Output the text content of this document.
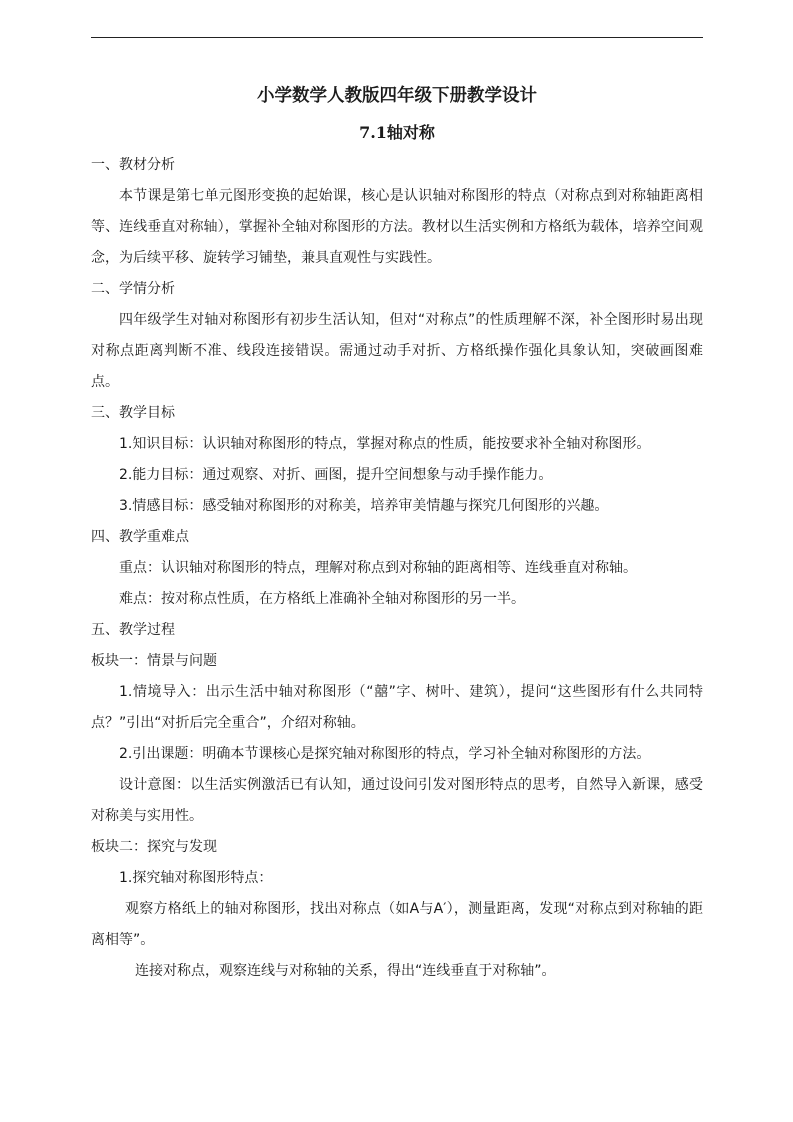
小学数学人教版四年级下册教学设计

7.1轴对称

一、教材分析

本节课是第七单元图形变换的起始课，核心是认识轴对称图形的特点（对称点到对称轴距离相等、连线垂直对称轴），掌握补全轴对称图形的方法。教材以生活实例和方格纸为载体，培养空间观念，为后续平移、旋转学习铺垫，兼具直观性与实践性。

二、学情分析

四年级学生对轴对称图形有初步生活认知，但对“对称点”的性质理解不深，补全图形时易出现对称点距离判断不准、线段连接错误。需通过动手对折、方格纸操作强化具象认知，突破画图难点。

三、教学目标

1.知识目标：认识轴对称图形的特点，掌握对称点的性质，能按要求补全轴对称图形。

2.能力目标：通过观察、对折、画图，提升空间想象与动手操作能力。

3.情感目标：感受轴对称图形的对称美，培养审美情趣与探究几何图形的兴趣。

四、教学重难点

重点：认识轴对称图形的特点，理解对称点到对称轴的距离相等、连线垂直对称轴。

难点：按对称点性质，在方格纸上准确补全轴对称图形的另一半。

五、教学过程

板块一：情景与问题

1.情境导入：出示生活中轴对称图形（“囍”字、树叶、建筑），提问“这些图形有什么共同特点？”引出“对折后完全重合”，介绍对称轴。

2.引出课题：明确本节课核心是探究轴对称图形的特点，学习补全轴对称图形的方法。

设计意图：以生活实例激活已有认知，通过设问引发对图形特点的思考，自然导入新课，感受对称美与实用性。

板块二：探究与发现

1.探究轴对称图形特点：

观察方格纸上的轴对称图形，找出对称点（如A与A′），测量距离，发现“对称点到对称轴的距离相等”。

连接对称点，观察连线与对称轴的关系，得出“连线垂直于对称轴”。
